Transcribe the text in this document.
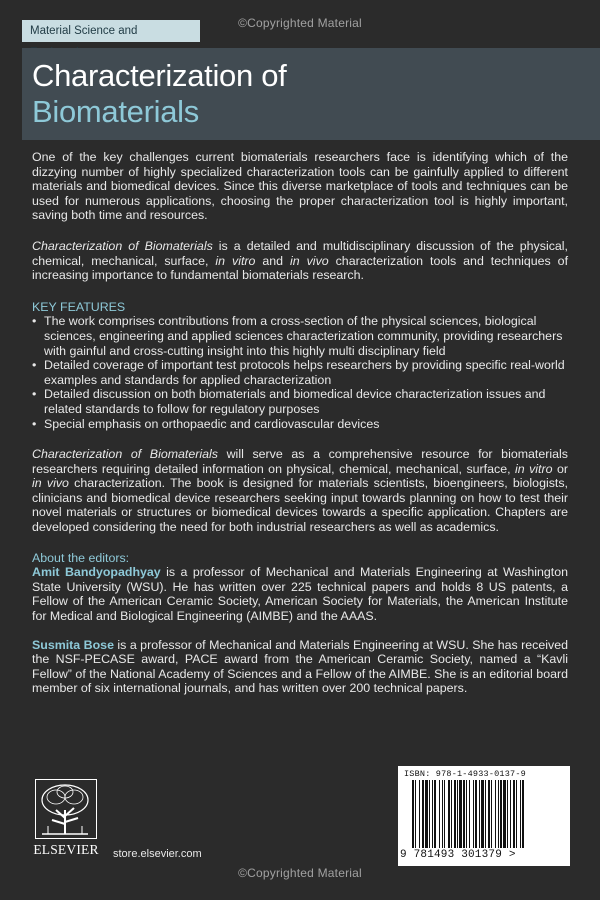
©Copyrighted Material
Material Science and
Characterization of
Biomaterials

One of the key challenges current biomaterials researchers face is identifying which of the dizzying number of highly specialized characterization tools can be gainfully applied to different materials and biomedical devices. Since this diverse marketplace of tools and techniques can be used for numerous applications, choosing the proper characterization tool is highly important, saving both time and resources.

Characterization of Biomaterials is a detailed and multidisciplinary discussion of the physical, chemical, mechanical, surface, in vitro and in vivo characterization tools and techniques of increasing importance to fundamental biomaterials research.

KEY FEATURES
• The work comprises contributions from a cross-section of the physical sciences, biological sciences, engineering and applied sciences characterization community, providing researchers with gainful and cross-cutting insight into this highly multi disciplinary field
• Detailed coverage of important test protocols helps researchers by providing specific real-world examples and standards for applied characterization
• Detailed discussion on both biomaterials and biomedical device characterization issues and related standards to follow for regulatory purposes
• Special emphasis on orthopaedic and cardiovascular devices

Characterization of Biomaterials will serve as a comprehensive resource for biomaterials researchers requiring detailed information on physical, chemical, mechanical, surface, in vitro or in vivo characterization. The book is designed for materials scientists, bioengineers, biologists, clinicians and biomedical device researchers seeking input towards planning on how to test their novel materials or structures or biomedical devices towards a specific application. Chapters are developed considering the need for both industrial researchers as well as academics.

About the editors:

Amit Bandyopadhyay is a professor of Mechanical and Materials Engineering at Washington State University (WSU). He has written over 225 technical papers and holds 8 US patents, a Fellow of the American Ceramic Society, American Society for Materials, the American Institute for Medical and Biological Engineering (AIMBE) and the AAAS.

Susmita Bose is a professor of Mechanical and Materials Engineering at WSU. She has received the NSF-PECASE award, PACE award from the American Ceramic Society, named a “Kavli Fellow” of the National Academy of Sciences and a Fellow of the AIMBE. She is an editorial board member of six international journals, and has written over 200 technical papers.

ELSEVIER	store.elsevier.com
ISBN: 978-1-4933-0137-9
9 781493 301379 >
©Copyrighted Material
